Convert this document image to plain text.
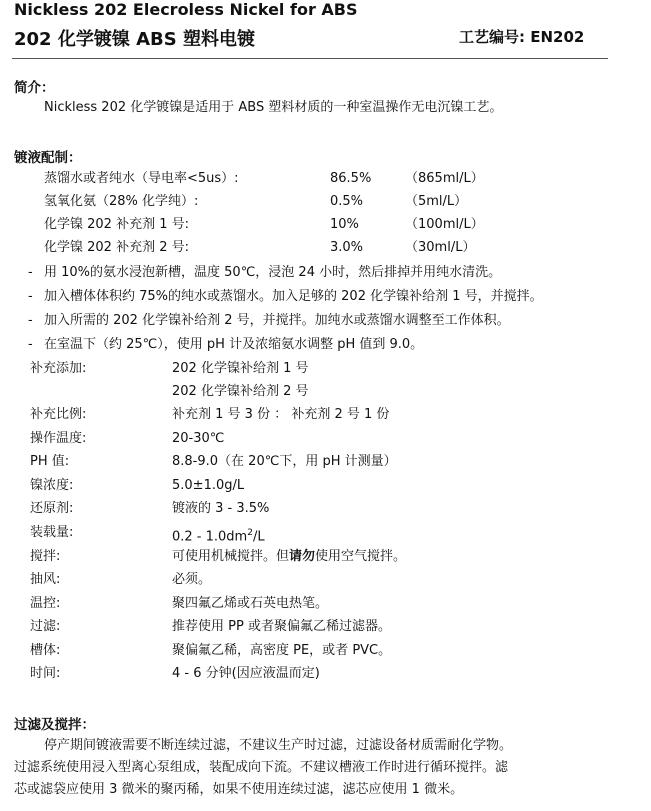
Nickless 202 Elecroless Nickel for ABS
202 化学镀镍 ABS 塑料电镀	工艺编号: EN202
简介：
Nickless 202 化学镀镍是适用于 ABS 塑料材质的一种室温操作无电沉镍工艺。
镀液配制：
蒸馏水或者纯水（导电率<5us）:	86.5%	（865ml/L）
氢氧化氨（28% 化学纯）:	0.5%	（5ml/L）
化学镍 202 补充剂 1 号:	10%	（100ml/L）
化学镍 202 补充剂 2 号:	3.0%	（30ml/L）
- 用 10%的氨水浸泡新槽，温度 50℃，浸泡 24 小时，然后排掉并用纯水清洗。
- 加入槽体体积约 75%的纯水或蒸馏水。加入足够的 202 化学镍补给剂 1 号，并搅拌。
- 加入所需的 202 化学镍补给剂 2 号，并搅拌。加纯水或蒸馏水调整至工作体积。
- 在室温下（约 25℃），使用 pH 计及浓缩氨水调整 pH 值到 9.0。
补充添加:	202 化学镍补给剂 1 号
202 化学镍补给剂 2 号
补充比例:	补充剂 1 号 3 份 ： 补充剂 2 号 1 份
操作温度:	20-30℃
PH 值:	8.8-9.0（在 20℃下，用 pH 计测量）
镍浓度:	5.0±1.0g/L
还原剂:	镀液的 3 - 3.5%
装载量:	$0.2 - 1.0dm^2/L$
搅拌:	可使用机械搅拌。但请勿使用空气搅拌。
抽风:	必须。
温控:	聚四氟乙烯或石英电热笔。
过滤:	推荐使用 PP 或者聚偏氟乙稀过滤器。
槽体:	聚偏氟乙稀，高密度 PE，或者 PVC。
时间:	4 - 6 分钟(因应液温而定)
过滤及搅拌：
停产期间镀液需要不断连续过滤，不建议生产时过滤，过滤设备材质需耐化学物。
过滤系统使用浸入型离心泵组成，装配成向下流。不建议槽液工作时进行循环搅拌。滤
芯或滤袋应使用 3 微米的聚丙稀，如果不使用连续过滤，滤芯应使用 1 微米。
